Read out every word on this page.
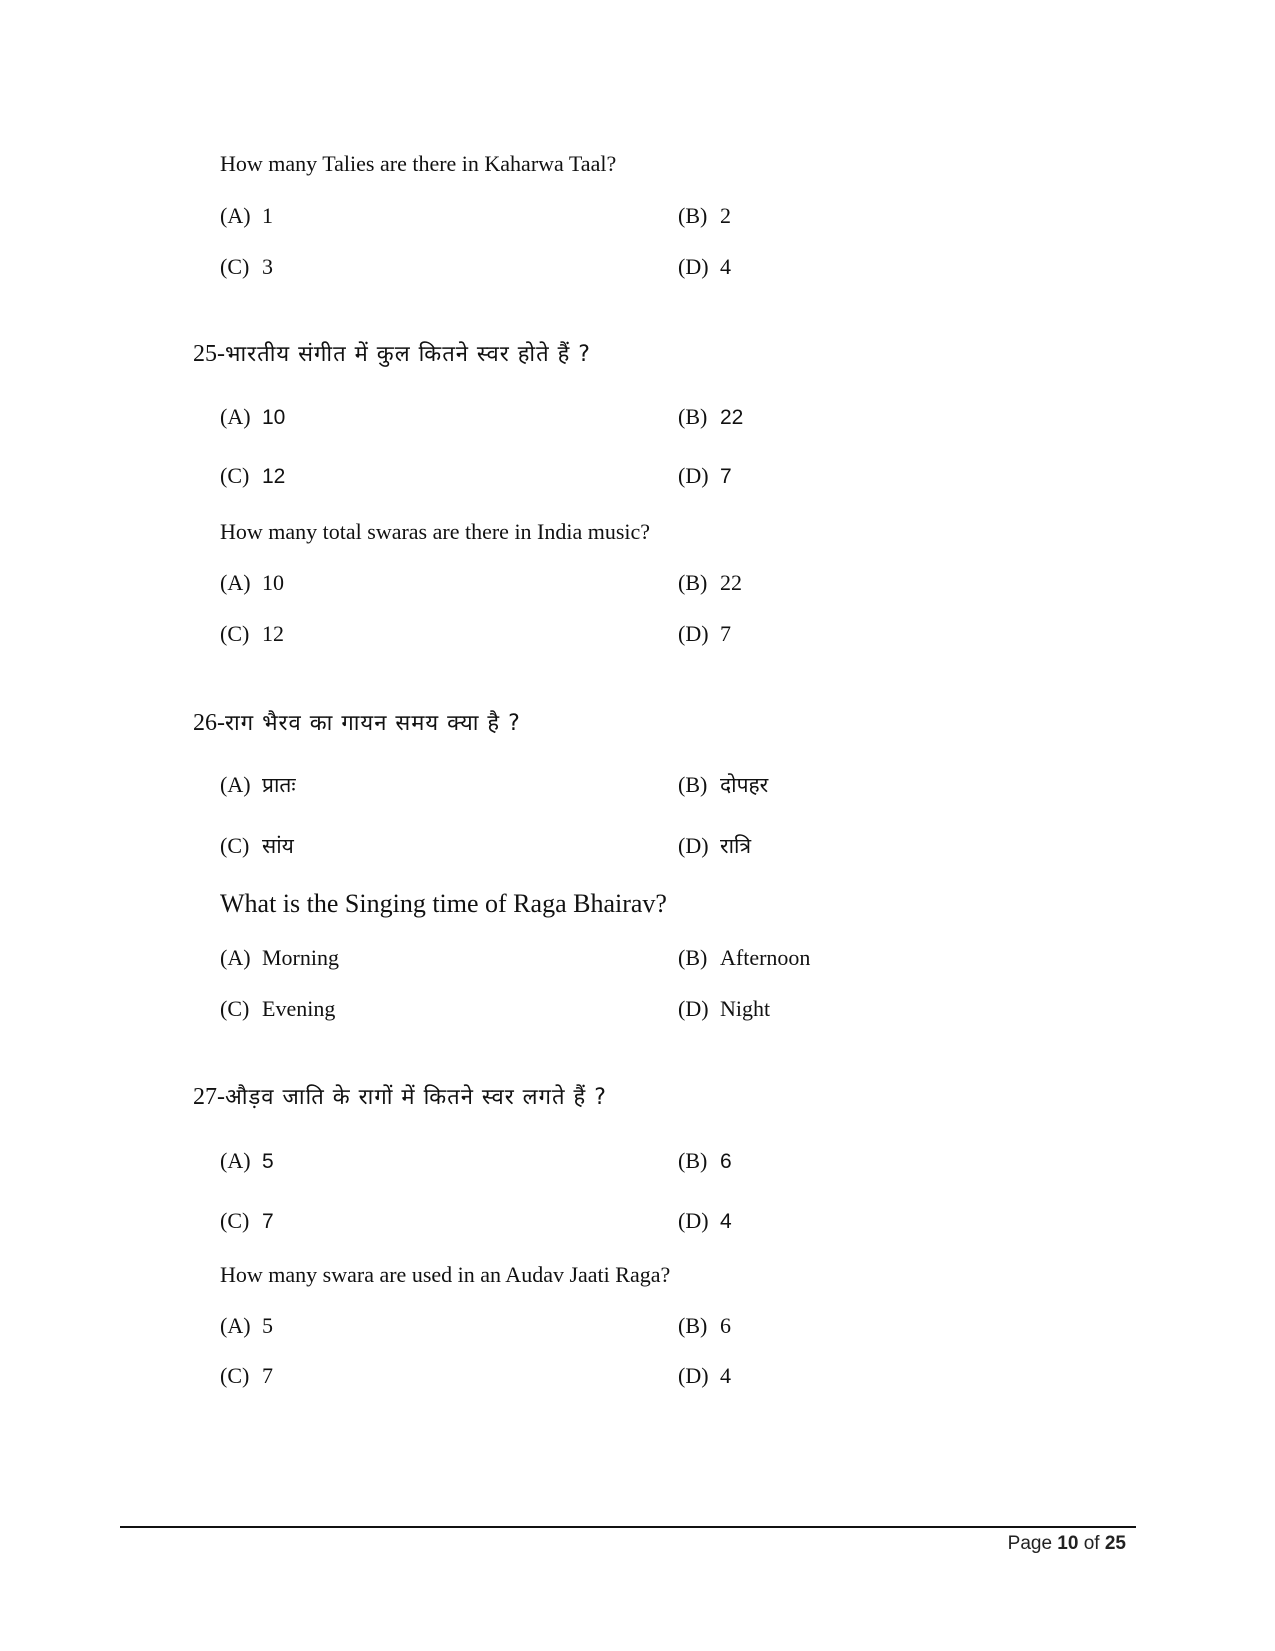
How many Talies are there in Kaharwa Taal?
(A) 1	(B) 2
(C) 3	(D) 4
25-भारतीय संगीत में कुल कितने स्वर होते हैं ?
(A) 10	(B) 22
(C) 12	(D) 7
How many total swaras are there in India music?
(A) 10	(B) 22
(C) 12	(D) 7
26-राग भैरव का गायन समय क्या है ?
(A) प्रातः	(B) दोपहर
(C) सांय	(D) रात्रि
What is the Singing time of Raga Bhairav?
(A) Morning	(B) Afternoon
(C) Evening	(D) Night
27-औड़व जाति के रागों में कितने स्वर लगते हैं ?
(A) 5	(B) 6
(C) 7	(D) 4
How many swara are used in an Audav Jaati Raga?
(A) 5	(B) 6
(C) 7	(D) 4
Page 10 of 25
